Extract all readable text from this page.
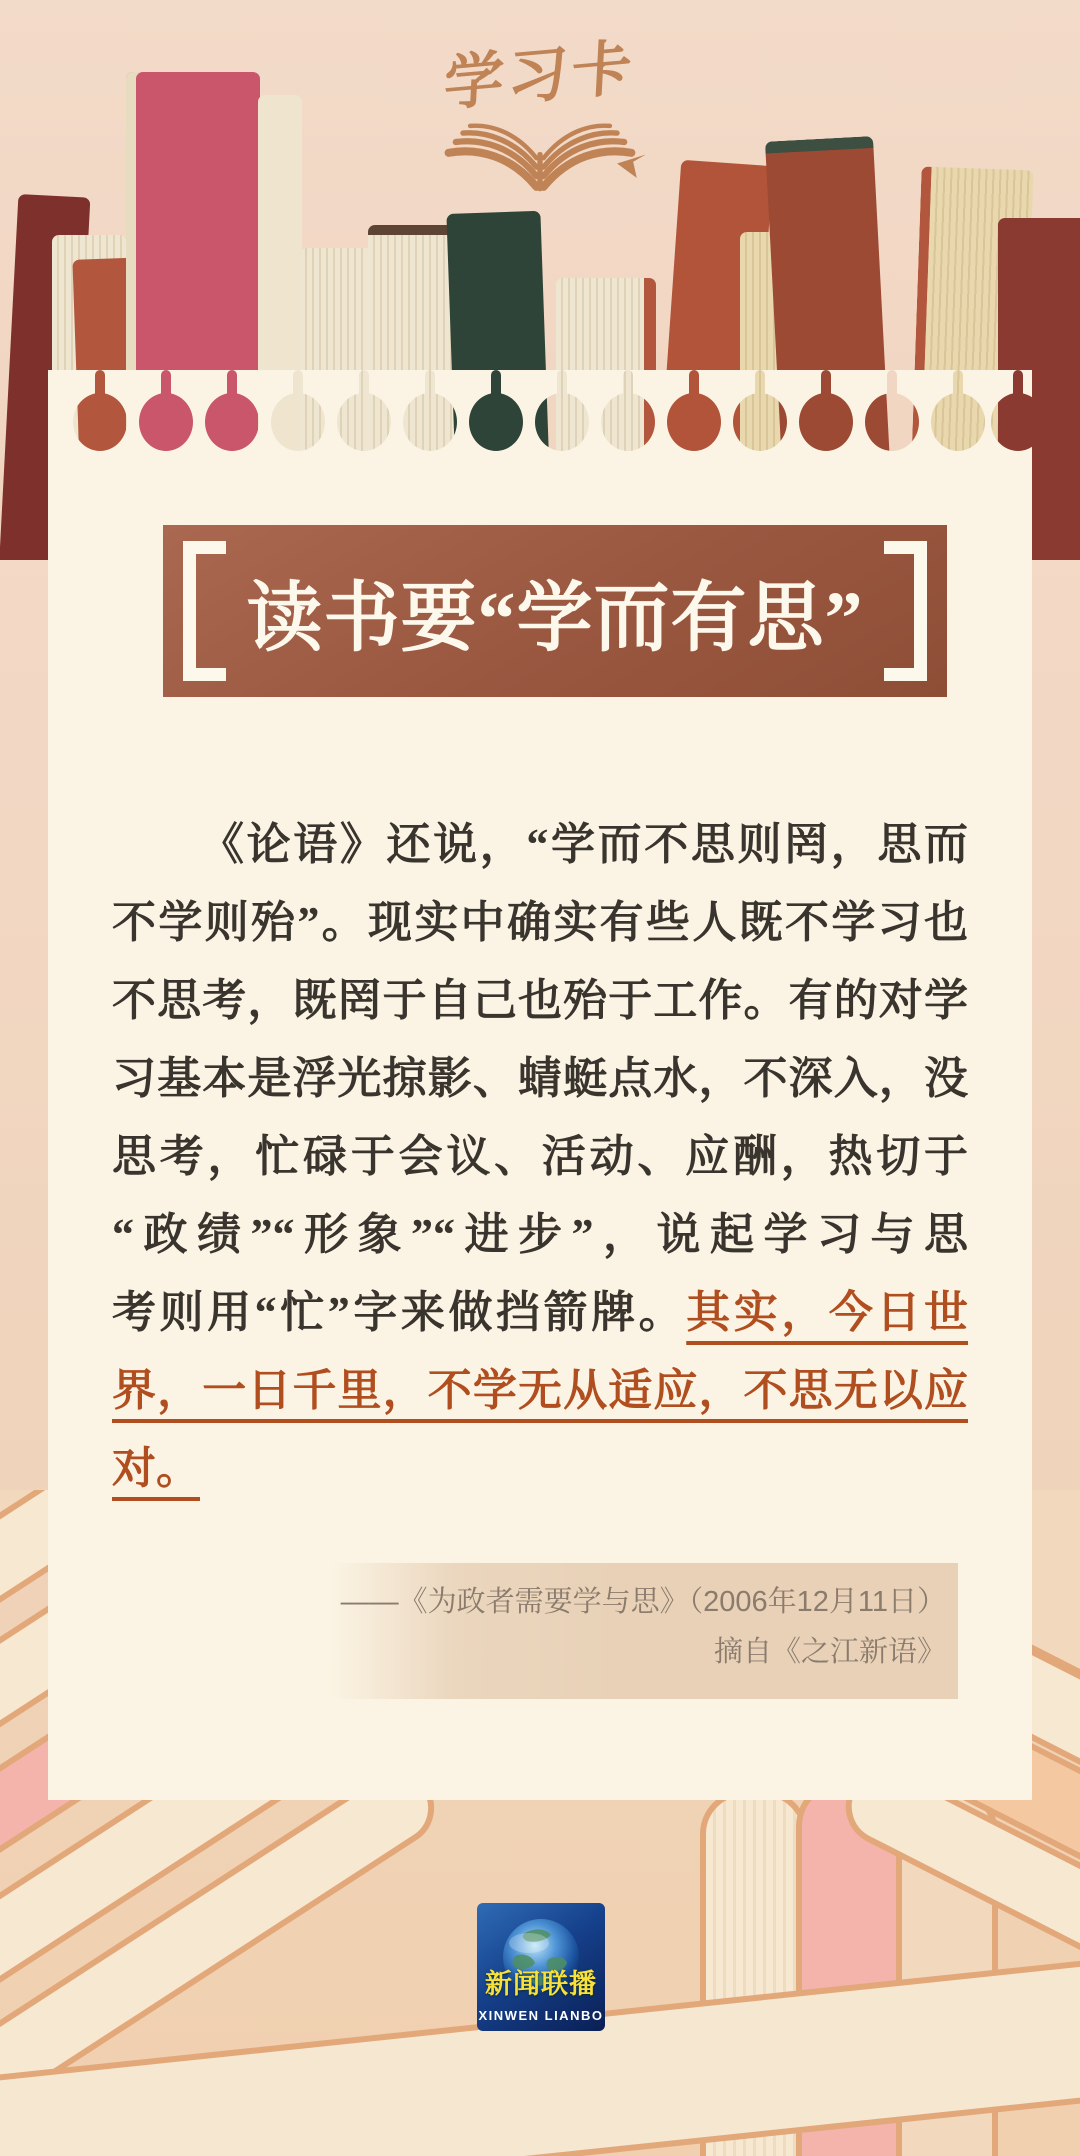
学习卡
读书要“学而有思”
《论语》还说，“学而不思则罔，思而
不学则殆”。现实中确实有些人既不学习也
不思考，既罔于自己也殆于工作。有的对学
习基本是浮光掠影、蜻蜓点水，不深入，没
思考，忙碌于会议、活动、应酬，热切于
“政绩”“形象”“进步”，说起学习与思
考则用“忙”字来做挡箭牌。其实，今日世
界，一日千里，不学无从适应，不思无以应
对。
——《为政者需要学与思》（2006年12月11日）
摘自《之江新语》
新闻联播
XINWEN LIANBO
